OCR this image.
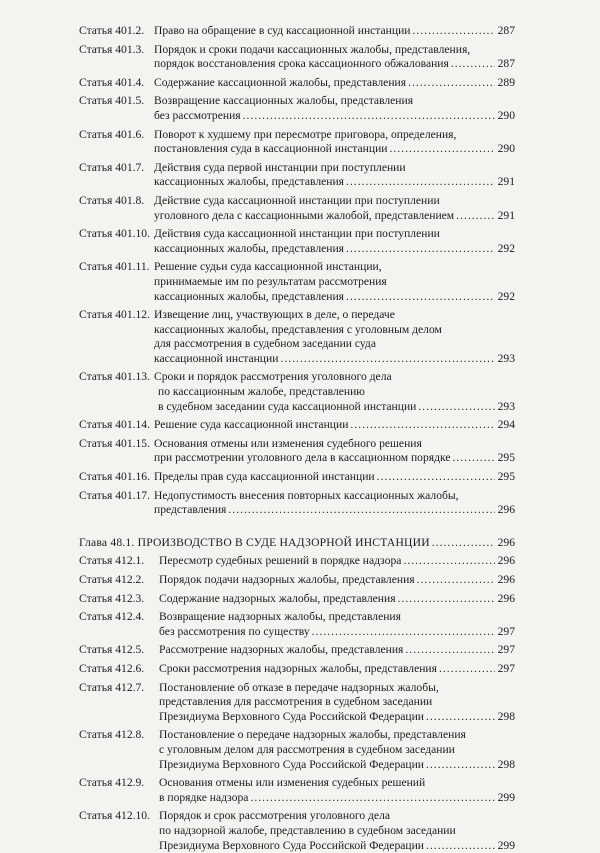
Статья 401.2. Право на обращение в суд кассационной инстанции .....	287
Статья 401.3. Порядок и сроки подачи кассационных жалобы, представления,
порядок восстановления срока кассационного обжалования .....	287
Статья 401.4. Содержание кассационной жалобы, представления .....	289
Статья 401.5. Возвращение кассационных жалобы, представления
без рассмотрения .....	290
Статья 401.6. Поворот к худшему при пересмотре приговора, определения,
постановления суда в кассационной инстанции .....	290
Статья 401.7. Действия суда первой инстанции при поступлении
кассационных жалобы, представления .....	291
Статья 401.8. Действие суда кассационной инстанции при поступлении
уголовного дела с кассационными жалобой, представлением .....	291
Статья 401.10. Действия суда кассационной инстанции при поступлении
кассационных жалобы, представления .....	292
Статья 401.11. Решение судьи суда кассационной инстанции,
принимаемые им по результатам рассмотрения
кассационных жалобы, представления .....	292
Статья 401.12. Извещение лиц, участвующих в деле, о передаче
кассационных жалобы, представления с уголовным делом
для рассмотрения в судебном заседании суда
кассационной инстанции .....	293
Статья 401.13. Сроки и порядок рассмотрения уголовного дела
по кассационным жалобе, представлению
в судебном заседании суда кассационной инстанции .....	293
Статья 401.14. Решение суда кассационной инстанции .....	294
Статья 401.15. Основания отмены или изменения судебного решения
при рассмотрении уголовного дела в кассационном порядке .....	295
Статья 401.16. Пределы прав суда кассационной инстанции .....	295
Статья 401.17. Недопустимость внесения повторных кассационных жалобы,
представления .....	296
Глава 48.1. ПРОИЗВОДСТВО В СУДЕ НАДЗОРНОЙ ИНСТАНЦИИ .....	296
Статья 412.1. Пересмотр судебных решений в порядке надзора .....	296
Статья 412.2. Порядок подачи надзорных жалобы, представления .....	296
Статья 412.3. Содержание надзорных жалобы, представления .....	296
Статья 412.4. Возвращение надзорных жалобы, представления
без рассмотрения по существу .....	297
Статья 412.5. Рассмотрение надзорных жалобы, представления .....	297
Статья 412.6. Сроки рассмотрения надзорных жалобы, представления .....	297
Статья 412.7. Постановление об отказе в передаче надзорных жалобы,
представления для рассмотрения в судебном заседании
Президиума Верховного Суда Российской Федерации .....	298
Статья 412.8. Постановление о передаче надзорных жалобы, представления
с уголовным делом для рассмотрения в судебном заседании
Президиума Верховного Суда Российской Федерации .....	298
Статья 412.9. Основания отмены или изменения судебных решений
в порядке надзора .....	299
Статья 412.10. Порядок и срок рассмотрения уголовного дела
по надзорной жалобе, представлению в судебном заседании
Президиума Верховного Суда Российской Федерации .....	299
